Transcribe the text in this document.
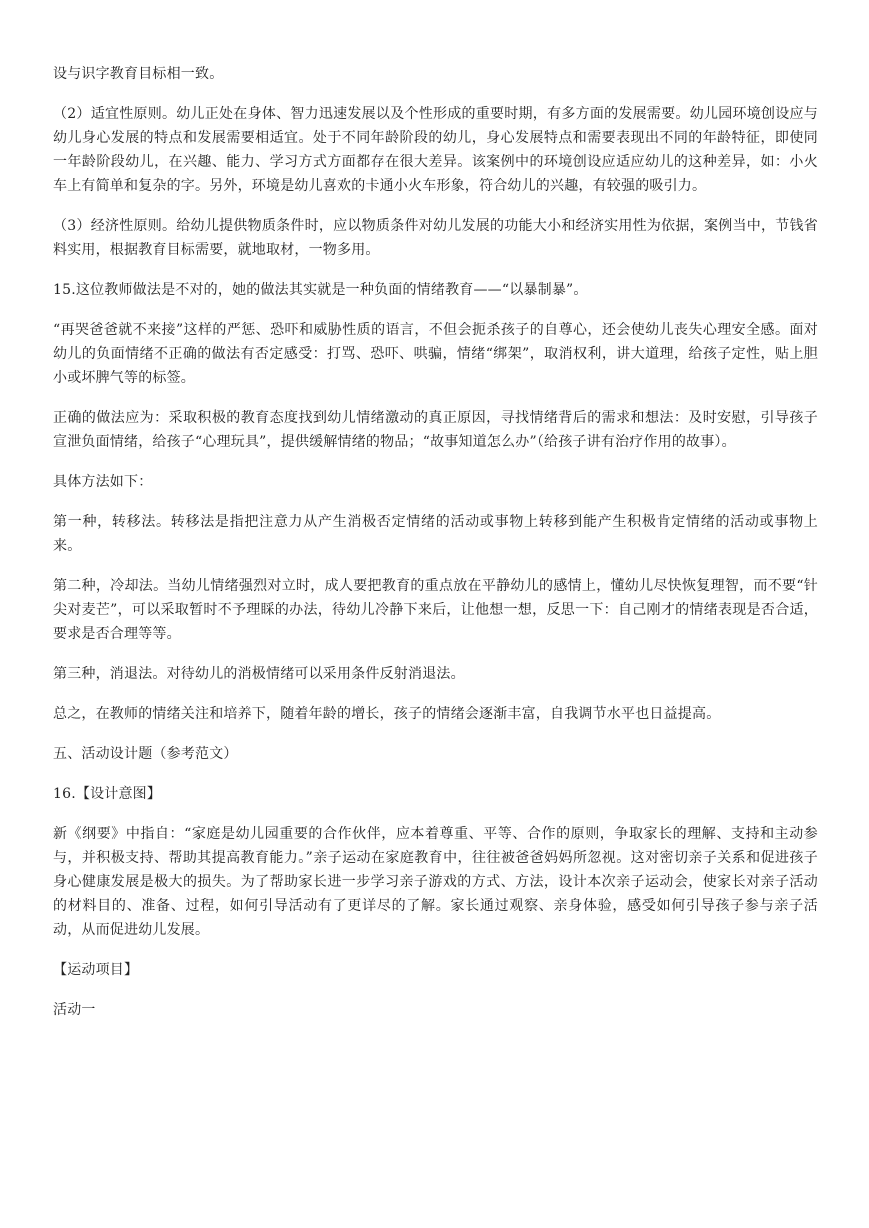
设与识字教育目标相一致。

（2）适宜性原则。幼儿正处在身体、智力迅速发展以及个性形成的重要时期，有多方面的发展需要。幼儿园环境创设应与幼儿身心发展的特点和发展需要相适宜。处于不同年龄阶段的幼儿，身心发展特点和需要表现出不同的年龄特征，即使同一年龄阶段幼儿，在兴趣、能力、学习方式方面都存在很大差异。该案例中的环境创设应适应幼儿的这种差异，如：小火车上有简单和复杂的字。另外，环境是幼儿喜欢的卡通小火车形象，符合幼儿的兴趣，有较强的吸引力。

（3）经济性原则。给幼儿提供物质条件时，应以物质条件对幼儿发展的功能大小和经济实用性为依据，案例当中，节钱省料实用，根据教育目标需要，就地取材，一物多用。

15.这位教师做法是不对的，她的做法其实就是一种负面的情绪教育——“以暴制暴”。

“再哭爸爸就不来接”这样的严惩、恐吓和威胁性质的语言，不但会扼杀孩子的自尊心，还会使幼儿丧失心理安全感。面对幼儿的负面情绪不正确的做法有否定感受：打骂、恐吓、哄骗，情绪“绑架”，取消权利，讲大道理，给孩子定性，贴上胆小或坏脾气等的标签。

正确的做法应为：采取积极的教育态度找到幼儿情绪激动的真正原因，寻找情绪背后的需求和想法：及时安慰，引导孩子宣泄负面情绪，给孩子“心理玩具”，提供缓解情绪的物品；“故事知道怎么办”（给孩子讲有治疗作用的故事）。

具体方法如下：

第一种，转移法。转移法是指把注意力从产生消极否定情绪的活动或事物上转移到能产生积极肯定情绪的活动或事物上来。

第二种，冷却法。当幼儿情绪强烈对立时，成人要把教育的重点放在平静幼儿的感情上，懂幼儿尽快恢复理智，而不要“针尖对麦芒”，可以采取暂时不予理睬的办法，待幼儿冷静下来后，让他想一想，反思一下：自己刚才的情绪表现是否合适，要求是否合理等等。

第三种，消退法。对待幼儿的消极情绪可以采用条件反射消退法。

总之，在教师的情绪关注和培养下，随着年龄的增长，孩子的情绪会逐渐丰富，自我调节水平也日益提高。

五、活动设计题（参考范文）

16.【设计意图】

新《纲要》中指自：“家庭是幼儿园重要的合作伙伴，应本着尊重、平等、合作的原则，争取家长的理解、支持和主动参与，并积极支持、帮助其提高教育能力。”亲子运动在家庭教育中，往往被爸爸妈妈所忽视。这对密切亲子关系和促进孩子身心健康发展是极大的损失。为了帮助家长进一步学习亲子游戏的方式、方法，设计本次亲子运动会，使家长对亲子活动的材料目的、准备、过程，如何引导活动有了更详尽的了解。家长通过观察、亲身体验，感受如何引导孩子参与亲子活动，从而促进幼儿发展。

【运动项目】

活动一
